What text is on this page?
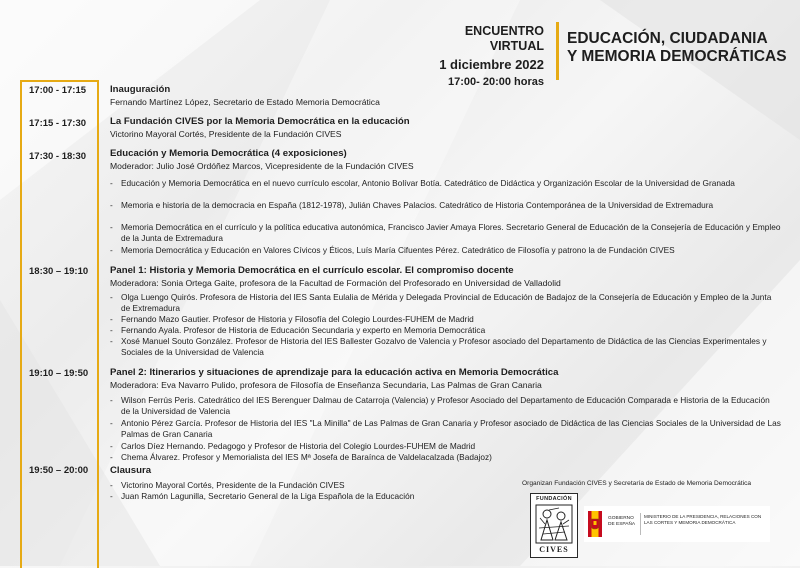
ENCUENTRO VIRTUAL
1 diciembre 2022
17:00- 20:00 horas
EDUCACIÓN, CIUDADANIA
Y MEMORIA DEMOCRÁTICAS
17:00 - 17:15
17:15 - 17:30
17:30 - 18:30
18:30 – 19:10
19:10 – 19:50
19:50 – 20:00
Inauguración
Fernando Martínez López, Secretario de Estado Memoria Democrática
La Fundación CIVES por la Memoria Democrática en la educación
Victorino Mayoral Cortés, Presidente de la Fundación CIVES
Educación y Memoria Democrática (4 exposiciones)
Moderador: Julio José Ordóñez Marcos, Vicepresidente de la Fundación CIVES
- Educación y Memoria Democrática en el nuevo currículo escolar, Antonio Bolívar Botía. Catedrático de Didáctica y Organización Escolar de la Universidad de Granada
- Memoria e historia de la democracia en España (1812-1978), Julián Chaves Palacios. Catedrático de Historia Contemporánea de la Universidad de Extremadura
- Memoria Democrática en el currículo y la política educativa autonómica, Francisco Javier Amaya Flores. Secretario General de Educación de la Consejería de Educación y Empleo de la Junta de Extremadura
- Memoria Democrática y Educación en Valores Cívicos y Éticos, Luís María Cifuentes Pérez. Catedrático de Filosofía y patrono la de Fundación CIVES
Panel 1: Historia y Memoria Democrática en el currículo escolar. El compromiso docente
Moderadora: Sonia Ortega Gaite, profesora de la Facultad de Formación del Profesorado en Universidad de Valladolid
- Olga Luengo Quirós. Profesora de Historia del IES Santa Eulalia de Mérida y Delegada Provincial de Educación de Badajoz de la Consejería de Educación y Empleo de la Junta de Extremadura
- Fernando Mazo Gautier. Profesor de Historia y Filosofía del Colegio Lourdes-FUHEM de Madrid
- Fernando Ayala. Profesor de Historia de Educación Secundaria y experto en Memoria Democrática
- Xosé Manuel Souto González. Profesor de Historia del IES Ballester Gozalvo de Valencia y Profesor asociado del Departamento de Didáctica de las Ciencias Experimentales y Sociales de la Universidad de Valencia
Panel 2: Itinerarios y situaciones de aprendizaje para la educación activa en Memoria Democrática
Moderadora: Eva Navarro Pulido, profesora de Filosofía de Enseñanza Secundaria, Las Palmas de Gran Canaria
- Wilson Ferrús Peris. Catedrático del IES Berenguer Dalmau de Catarroja (Valencia) y Profesor Asociado del Departamento de Educación Comparada e Historia de la Educación de la Universidad de Valencia
- Antonio Pérez García. Profesor de Historia del IES "La Minilla" de Las Palmas de Gran Canaria y Profesor asociado de Didáctica de las Ciencias Sociales de la Universidad de Las Palmas de Gran Canaria
- Carlos Díez Hernando. Pedagogo y Profesor de Historia del Colegio Lourdes-FUHEM de Madrid
- Chema Álvarez. Profesor y Memorialista del IES Mª Josefa de Baraínca de Valdelacalzada (Badajoz)
Clausura
- Victorino Mayoral Cortés, Presidente de la Fundación CIVES
- Juan Ramón Lagunilla, Secretario General de la Liga Española de la Educación
Organizan Fundación CIVES y Secretaría de Estado de Memoria Democrática
FUNDACIÓN
CIVES
GOBIERNO DE ESPAÑA
MINISTERIO DE LA PRESIDENCIA, RELACIONES CON LAS CORTES Y MEMORIA DEMOCRÁTICA
